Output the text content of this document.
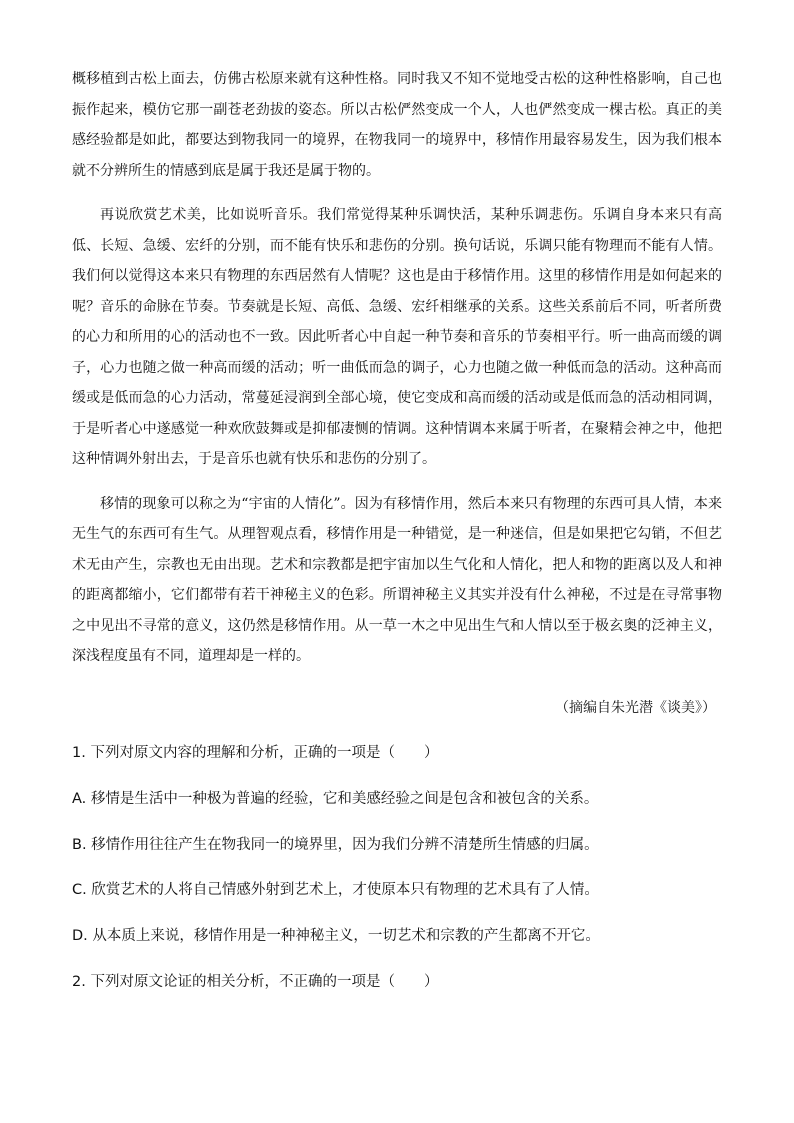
概移植到古松上面去，仿佛古松原来就有这种性格。同时我又不知不觉地受古松的这种性格影响，自己也振作起来，模仿它那一副苍老劲拔的姿态。所以古松俨然变成一个人，人也俨然变成一棵古松。真正的美感经验都是如此，都要达到物我同一的境界，在物我同一的境界中，移情作用最容易发生，因为我们根本就不分辨所生的情感到底是属于我还是属于物的。

再说欣赏艺术美，比如说听音乐。我们常觉得某种乐调快活，某种乐调悲伤。乐调自身本来只有高低、长短、急缓、宏纤的分别，而不能有快乐和悲伤的分别。换句话说，乐调只能有物理而不能有人情。我们何以觉得这本来只有物理的东西居然有人情呢？这也是由于移情作用。这里的移情作用是如何起来的呢？音乐的命脉在节奏。节奏就是长短、高低、急缓、宏纤相继承的关系。这些关系前后不同，听者所费的心力和所用的心的活动也不一致。因此听者心中自起一种节奏和音乐的节奏相平行。听一曲高而缓的调子，心力也随之做一种高而缓的活动；听一曲低而急的调子，心力也随之做一种低而急的活动。这种高而缓或是低而急的心力活动，常蔓延浸润到全部心境，使它变成和高而缓的活动或是低而急的活动相同调，于是听者心中遂感觉一种欢欣鼓舞或是抑郁凄恻的情调。这种情调本来属于听者，在聚精会神之中，他把这种情调外射出去，于是音乐也就有快乐和悲伤的分别了。

移情的现象可以称之为“宇宙的人情化”。因为有移情作用，然后本来只有物理的东西可具人情，本来无生气的东西可有生气。从理智观点看，移情作用是一种错觉，是一种迷信，但是如果把它勾销，不但艺术无由产生，宗教也无由出现。艺术和宗教都是把宇宙加以生气化和人情化，把人和物的距离以及人和神的距离都缩小，它们都带有若干神秘主义的色彩。所谓神秘主义其实并没有什么神秘，不过是在寻常事物之中见出不寻常的意义，这仍然是移情作用。从一草一木之中见出生气和人情以至于极玄奥的泛神主义，深浅程度虽有不同，道理却是一样的。

（摘编自朱光潜《谈美》）
1. 下列对原文内容的理解和分析，正确的一项是（　　）
A. 移情是生活中一种极为普遍的经验，它和美感经验之间是包含和被包含的关系。
B. 移情作用往往产生在物我同一的境界里，因为我们分辨不清楚所生情感的归属。
C. 欣赏艺术的人将自己情感外射到艺术上，才使原本只有物理的艺术具有了人情。
D. 从本质上来说，移情作用是一种神秘主义，一切艺术和宗教的产生都离不开它。
2. 下列对原文论证的相关分析，不正确的一项是（　　）
